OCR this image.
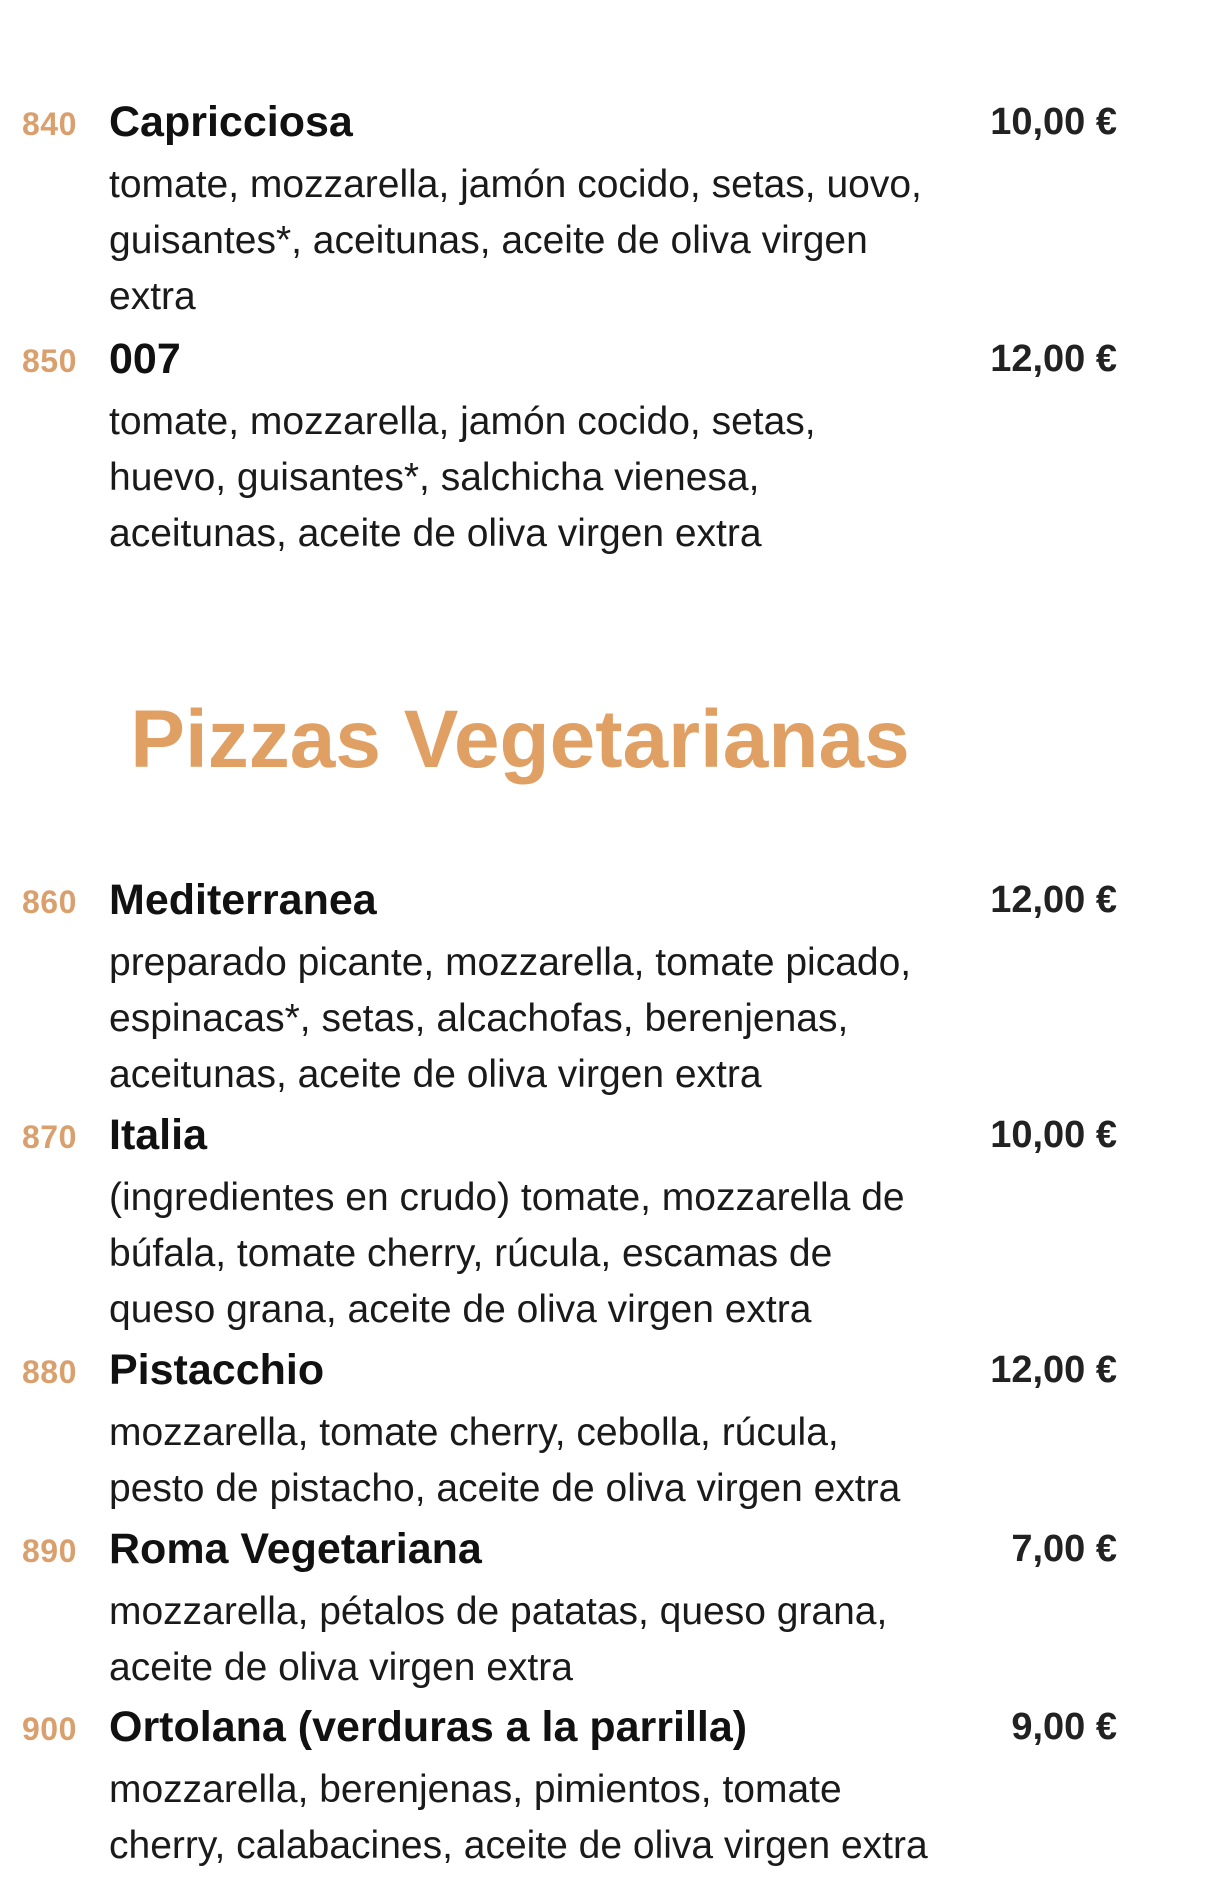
840 Capricciosa	10,00 €
tomate, mozzarella, jamón cocido, setas, uovo, guisantes*, aceitunas, aceite de oliva virgen extra
850 007	12,00 €
tomate, mozzarella, jamón cocido, setas, huevo, guisantes*, salchicha vienesa, aceitunas, aceite de oliva virgen extra
Pizzas Vegetarianas
860 Mediterranea	12,00 €
preparado picante, mozzarella, tomate picado, espinacas*, setas, alcachofas, berenjenas, aceitunas, aceite de oliva virgen extra
870 Italia	10,00 €
(ingredientes en crudo) tomate, mozzarella de búfala, tomate cherry, rúcula, escamas de queso grana, aceite de oliva virgen extra
880 Pistacchio	12,00 €
mozzarella, tomate cherry, cebolla, rúcula, pesto de pistacho, aceite de oliva virgen extra
890 Roma Vegetariana	7,00 €
mozzarella, pétalos de patatas, queso grana, aceite de oliva virgen extra
900 Ortolana (verduras a la parrilla)	9,00 €
mozzarella, berenjenas, pimientos, tomate cherry, calabacines, aceite de oliva virgen extra
